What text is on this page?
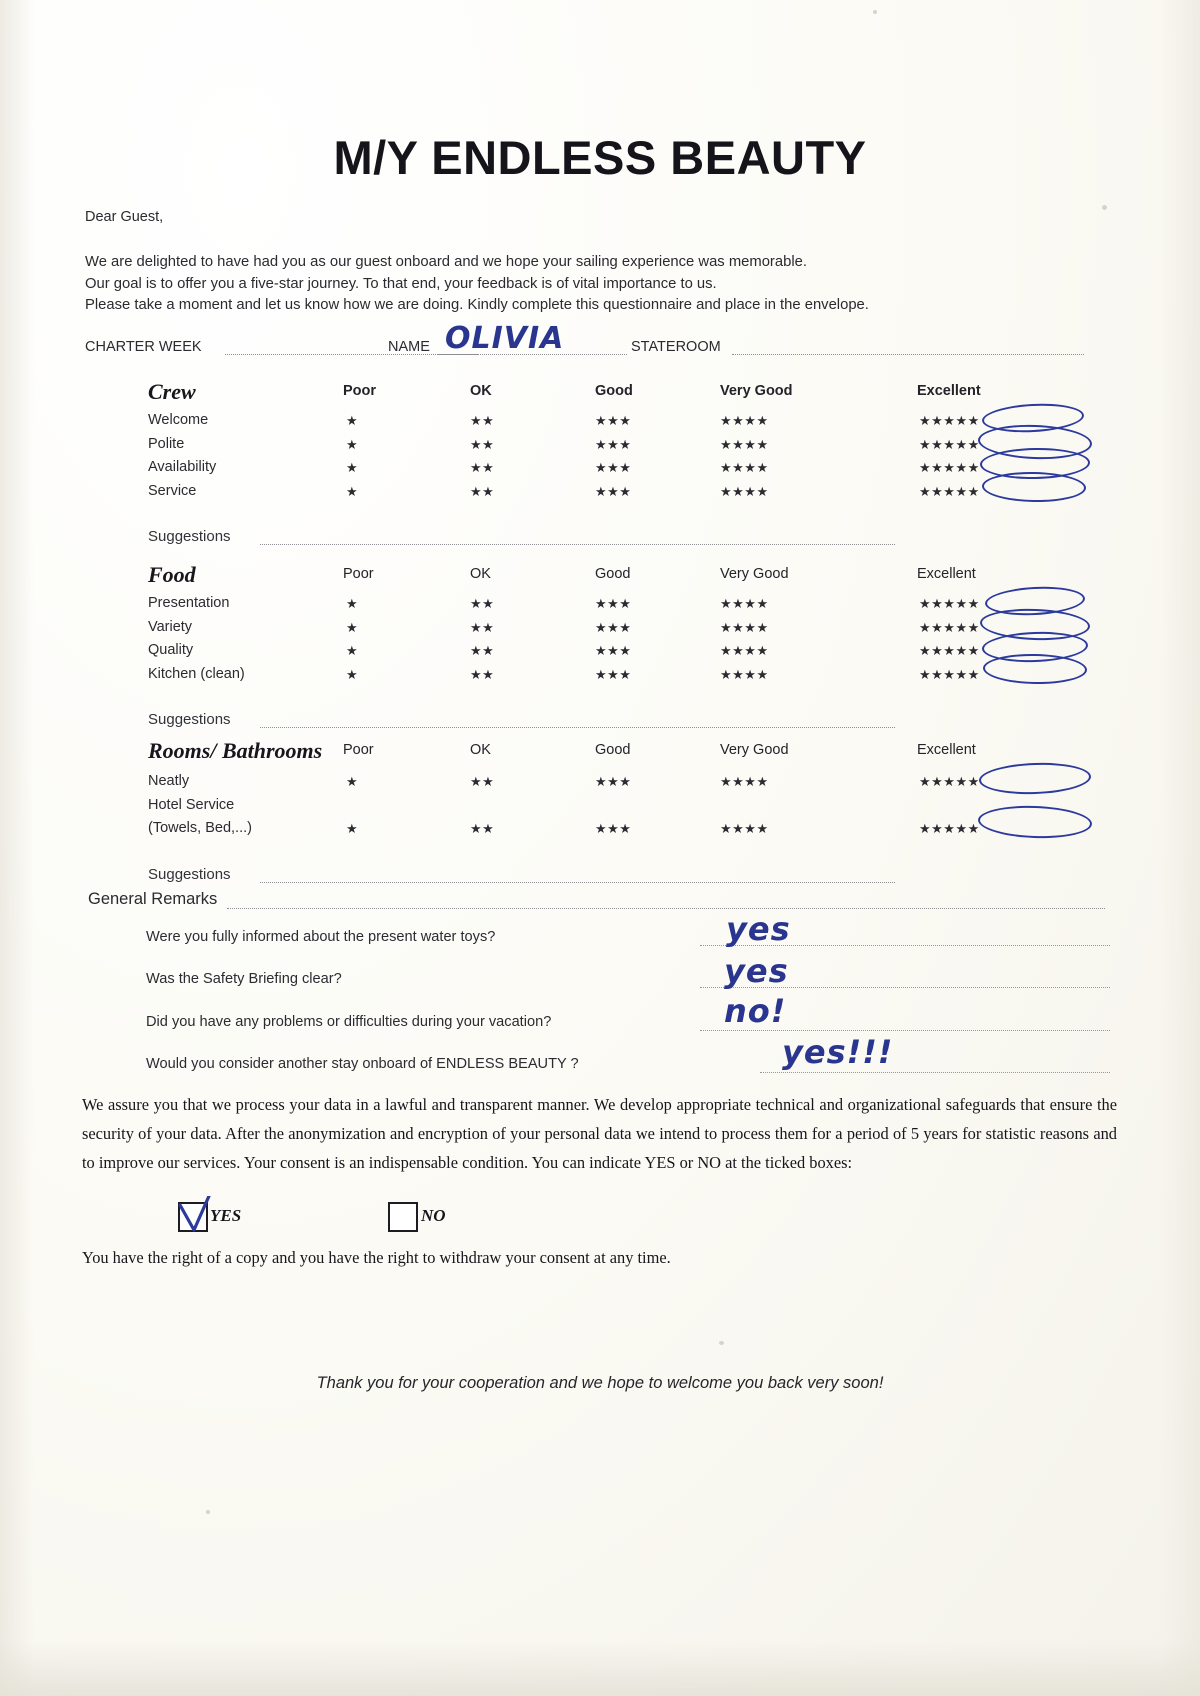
M/Y ENDLESS BEAUTY
Dear Guest,
We are delighted to have had you as our guest onboard and we hope your sailing experience was memorable.
Our goal is to offer you a five-star journey. To that end, your feedback is of vital importance to us.
Please take a moment and let us know how we are doing. Kindly complete this questionnaire and place in the envelope.
CHARTER WEEK	NAME OLIVIA	STATEROOM
Crew	Poor	OK	Good	Very Good	Excellent
Welcome	★	★★	★★★	★★★★	★★★★★
Polite	★	★★	★★★	★★★★	★★★★★
Availability	★	★★	★★★	★★★★	★★★★★
Service	★	★★	★★★	★★★★	★★★★★
Suggestions
Food	Poor	OK	Good	Very Good	Excellent
Presentation	★	★★	★★★	★★★★	★★★★★
Variety	★	★★	★★★	★★★★	★★★★★
Quality	★	★★	★★★	★★★★	★★★★★
Kitchen (clean)	★	★★	★★★	★★★★	★★★★★
Suggestions
Rooms/ Bathrooms Poor	OK	Good	Very Good	Excellent
Neatly	★	★★	★★★	★★★★	★★★★★
Hotel Service
(Towels, Bed,...)	★	★★	★★★	★★★★	★★★★★
Suggestions
General Remarks
Were you fully informed about the present water toys?	yes
Was the Safety Briefing clear?	yes
Did you have any problems or difficulties during your vacation?	no!
Would you consider another stay onboard of ENDLESS BEAUTY ?	yes!!!
We assure you that we process your data in a lawful and transparent manner. We develop appropriate technical and organizational safeguards that ensure the security of your data. After the anonymization and encryption of your personal data we intend to process them for a period of 5 years for statistic reasons and to improve our services. Your consent is an indispensable condition. You can indicate YES or NO at the ticked boxes:
YES	NO
You have the right of a copy and you have the right to withdraw your consent at any time.
Thank you for your cooperation and we hope to welcome you back very soon!
